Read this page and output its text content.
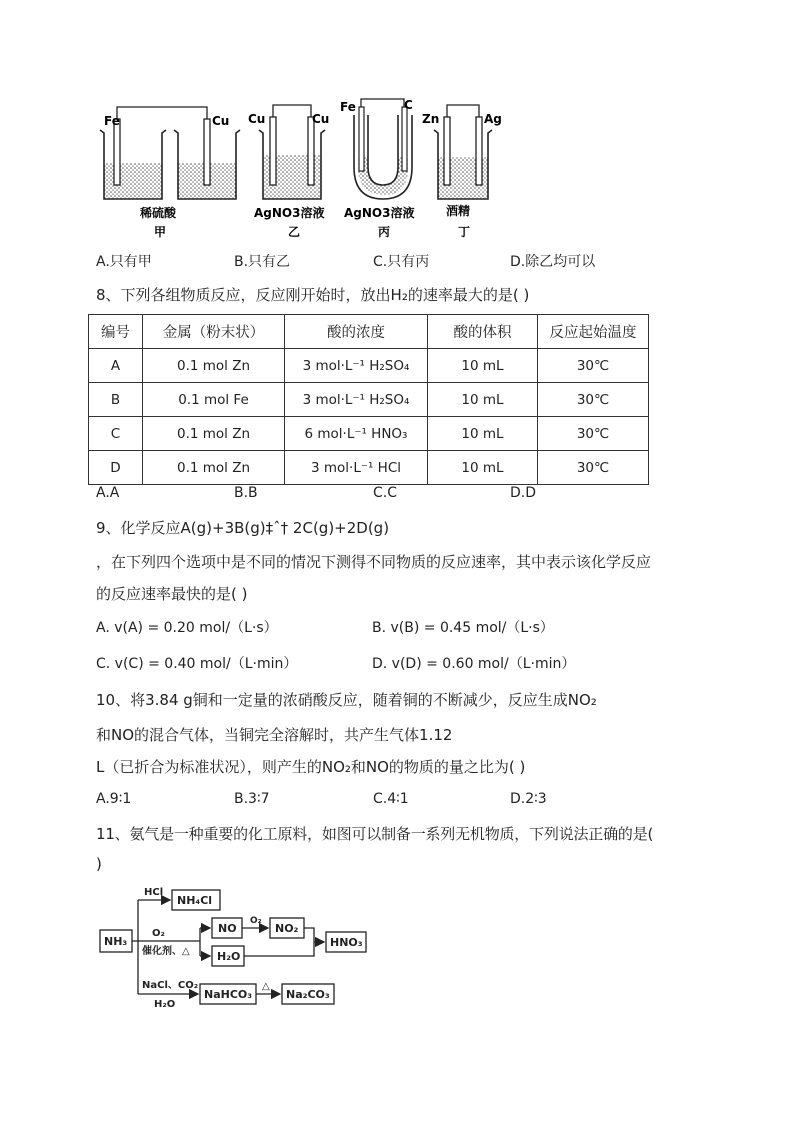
Fe	Cu
稀硫酸
甲
Cu	Cu
AgNO3溶液
乙
Fe	C
AgNO3溶液
丙
Zn	Ag
酒精
丁
A.只有甲	B.只有乙	C.只有丙	D.除乙均可以
8、下列各组物质反应，反应刚开始时，放出H₂的速率最大的是( )
编号	金属（粉末状）	酸的浓度	酸的体积	反应起始温度
A	0.1 mol Zn	3 mol·L⁻¹ H₂SO₄	10 mL	30℃
B	0.1 mol Fe	3 mol·L⁻¹ H₂SO₄	10 mL	30℃
C	0.1 mol Zn	6 mol·L⁻¹ HNO₃	10 mL	30℃
D	0.1 mol Zn	3 mol·L⁻¹ HCl	10 mL	30℃
A.A	B.B	C.C	D.D
9、化学反应A(g)+3B(g)‡ˆ† 2C(g)+2D(g)
，在下列四个选项中是不同的情况下测得不同物质的反应速率，其中表示该化学反应
的反应速率最快的是( )
A. v(A) = 0.20 mol/（L·s）	B. v(B) = 0.45 mol/（L·s）
C. v(C) = 0.40 mol/（L·min）	D. v(D) = 0.60 mol/（L·min）
10、将3.84 g铜和一定量的浓硝酸反应，随着铜的不断减少，反应生成NO₂
和NO的混合气体，当铜完全溶解时，共产生气体1.12
L（已折合为标准状况），则产生的NO₂和NO的物质的量之比为( )
A.9∶1	B.3∶7	C.4∶1	D.2∶3
11、氨气是一种重要的化工原料，如图可以制备一系列无机物质，下列说法正确的是(
)
NH₃
HCl
NH₄Cl
O₂
催化剂、△
NO
H₂O
O₂
NO₂
HNO₃
NaCl、CO₂
H₂O
NaHCO₃
△
Na₂CO₃
